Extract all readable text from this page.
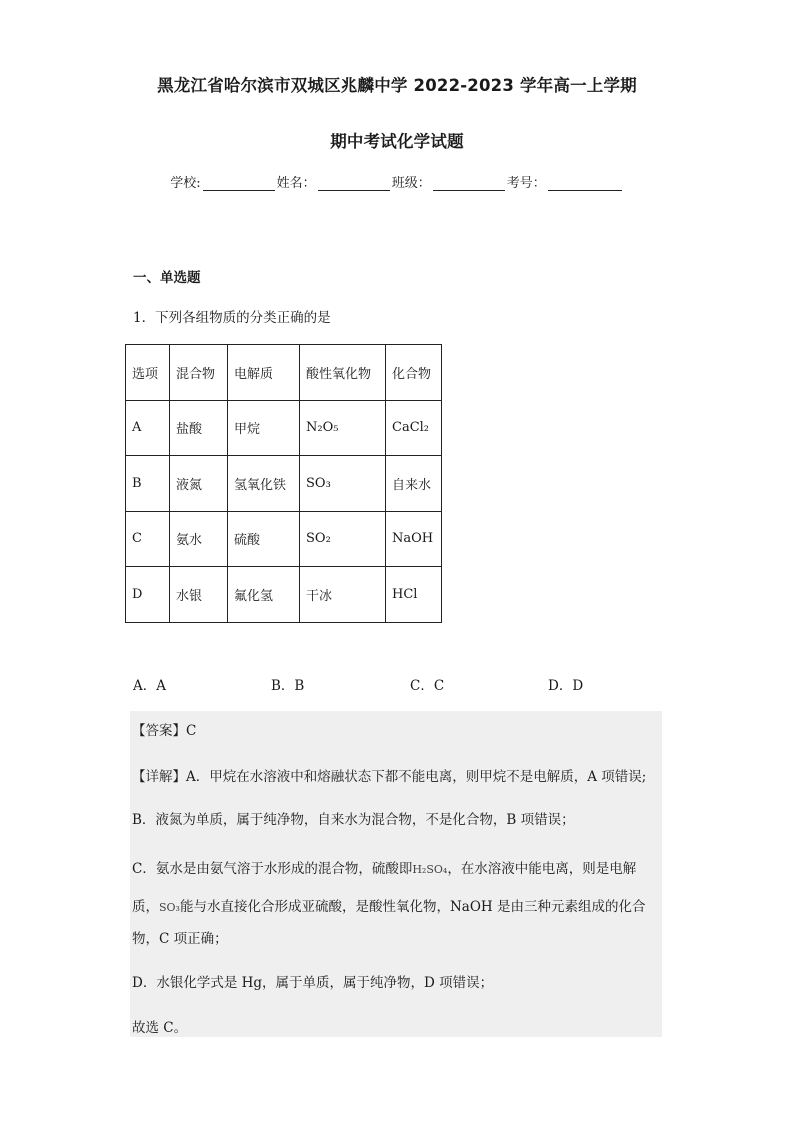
黑龙江省哈尔滨市双城区兆麟中学 2022-2023 学年高一上学期
期中考试化学试题
学校:	姓名：	班级：	考号：
一、单选题
1．下列各组物质的分类正确的是
选项	混合物	电解质	酸性氧化物	化合物
A	盐酸	甲烷	N₂O₅	CaCl₂
B	液氮	氢氧化铁	SO₃	自来水
C	氨水	硫酸	SO₂	NaOH
D	水银	氟化氢	干冰	HCl
A．A	B．B	C．C	D．D
【答案】C
【详解】A．甲烷在水溶液中和熔融状态下都不能电离，则甲烷不是电解质，A 项错误;
B．液氮为单质，属于纯净物，自来水为混合物，不是化合物，B 项错误；
C．氨水是由氨气溶于水形成的混合物，硫酸即H₂SO₄，在水溶液中能电离，则是电解
质，SO₃能与水直接化合形成亚硫酸，是酸性氧化物，NaOH 是由三种元素组成的化合
物，C 项正确；
D．水银化学式是 Hg，属于单质，属于纯净物，D 项错误；
故选 C。
